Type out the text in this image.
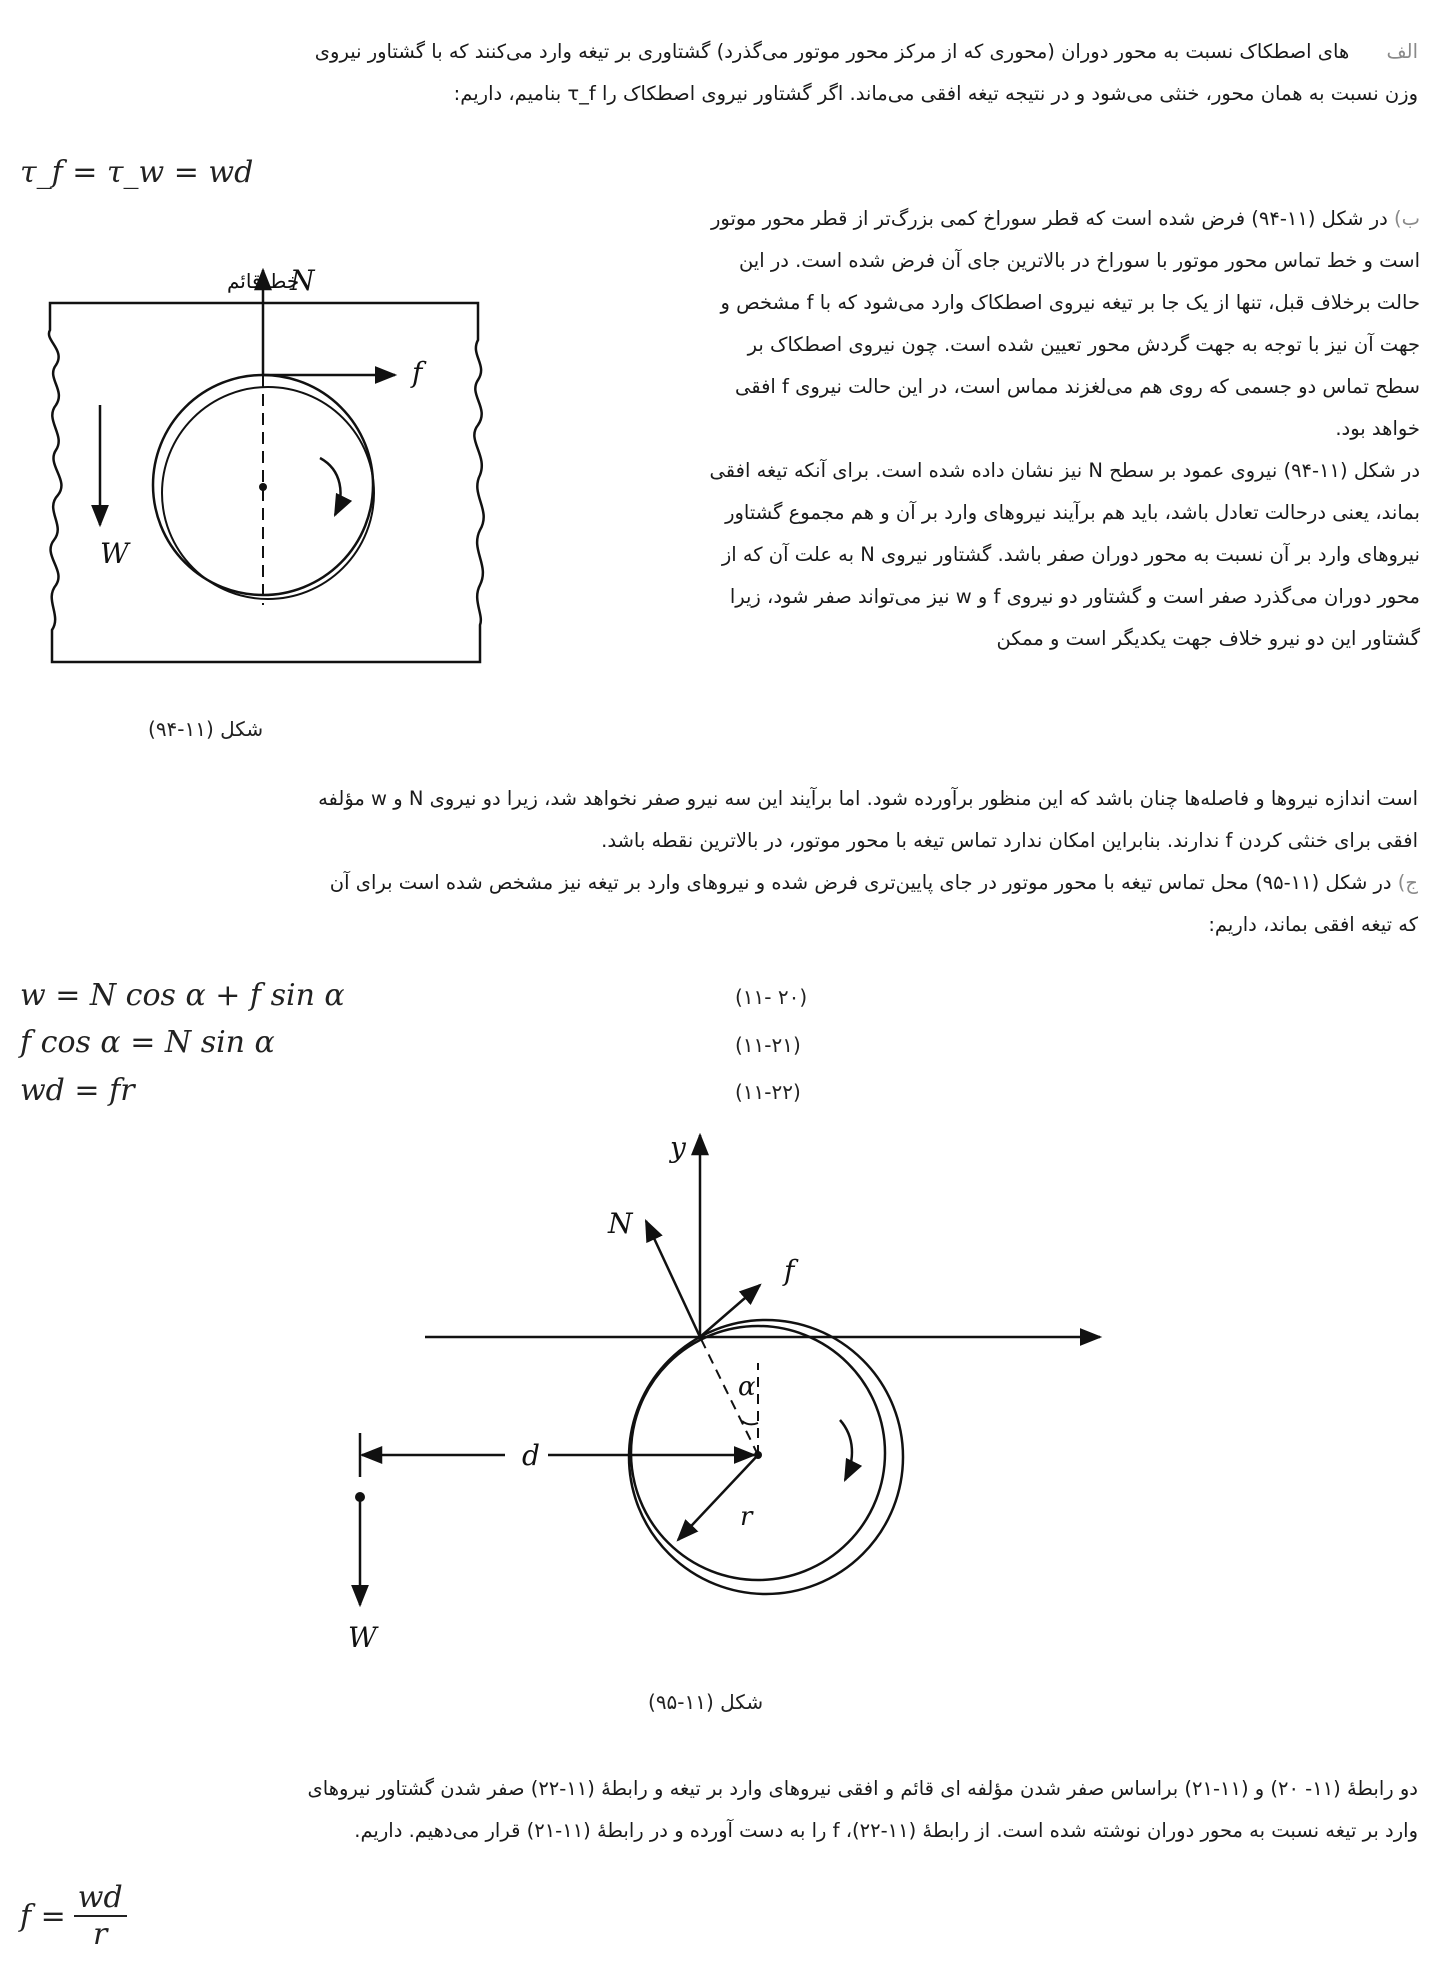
الف      های اصطکاک نسبت به محور دوران (محوری که از مرکز محور موتور می‌گذرد) گشتاوری بر تیغه وارد می‌کنند که با گشتاور نیروی
وزن نسبت به همان محور، خنثی می‌شود و در نتیجه تیغه افقی می‌ماند. اگر گشتاور نیروی اصطکاک را τ_f بنامیم، داریم:
τ_f = τ_w = wd
ب) در شکل (۱۱-۹۴) فرض شده است که قطر سوراخ کمی بزرگ‌تر از قطر محور موتور
است و خط تماس محور موتور با سوراخ در بالاترین جای آن فرض شده است. در این
حالت برخلاف قبل، تنها از یک جا بر تیغه نیروی اصطکاک وارد می‌شود که با f مشخص و
جهت آن نیز با توجه به جهت گردش محور تعیین شده است. چون نیروی اصطکاک بر
سطح تماس دو جسمی که روی هم می‌لغزند مماس است، در این حالت نیروی f افقی
خواهد بود.
در شکل (۱۱-۹۴) نیروی عمود بر سطح N نیز نشان داده شده است. برای آنکه تیغه افقی
بماند، یعنی درحالت تعادل باشد، باید هم برآیند نیروهای وارد بر آن و هم مجموع گشتاور
نیروهای وارد بر آن نسبت به محور دوران صفر باشد. گشتاور نیروی N به علت آن که از
محور دوران می‌گذرد صفر است و گشتاور دو نیروی f و w نیز می‌تواند صفر شود، زیرا
گشتاور این دو نیرو خلاف جهت یکدیگر است و ممکن
است اندازه نیروها و فاصله‌ها چنان باشد که این منظور برآورده شود. اما برآیند این سه نیرو صفر نخواهد شد، زیرا دو نیروی N و w مؤلفه
افقی برای خنثی کردن f ندارند. بنابراین امکان ندارد تماس تیغه با محور موتور، در بالاترین نقطه باشد.
ج) در شکل (۱۱-۹۵) محل تماس تیغه با محور موتور در جای پایین‌تری فرض شده و نیروهای وارد بر تیغه نیز مشخص شده است برای آن
که تیغه افقی بماند، داریم:
w = N cos α + f sin α	(۱۱- ۲۰)
f cos α = N sin α	(۱۱-۲۱)
wd = fr	(۱۱-۲۲)
N
خط قائم
f
W
شکل (۱۱-۹۴)
y
α
N
f
r
d
W
شکل (۱۱-۹۵)
دو رابطهٔ (۱۱- ۲۰) و (۱۱-۲۱) براساس صفر شدن مؤلفه‌ ای قائم و افقی نیروهای وارد بر تیغه و رابطهٔ (۱۱-۲۲) صفر شدن گشتاور نیروهای
وارد بر تیغه نسبت به محور دوران نوشته شده است. از رابطهٔ (۱۱-۲۲)، f را به دست آورده و در رابطهٔ (۱۱-۲۱) قرار می‌دهیم. داریم.
$f = \frac{wd}{r}$
